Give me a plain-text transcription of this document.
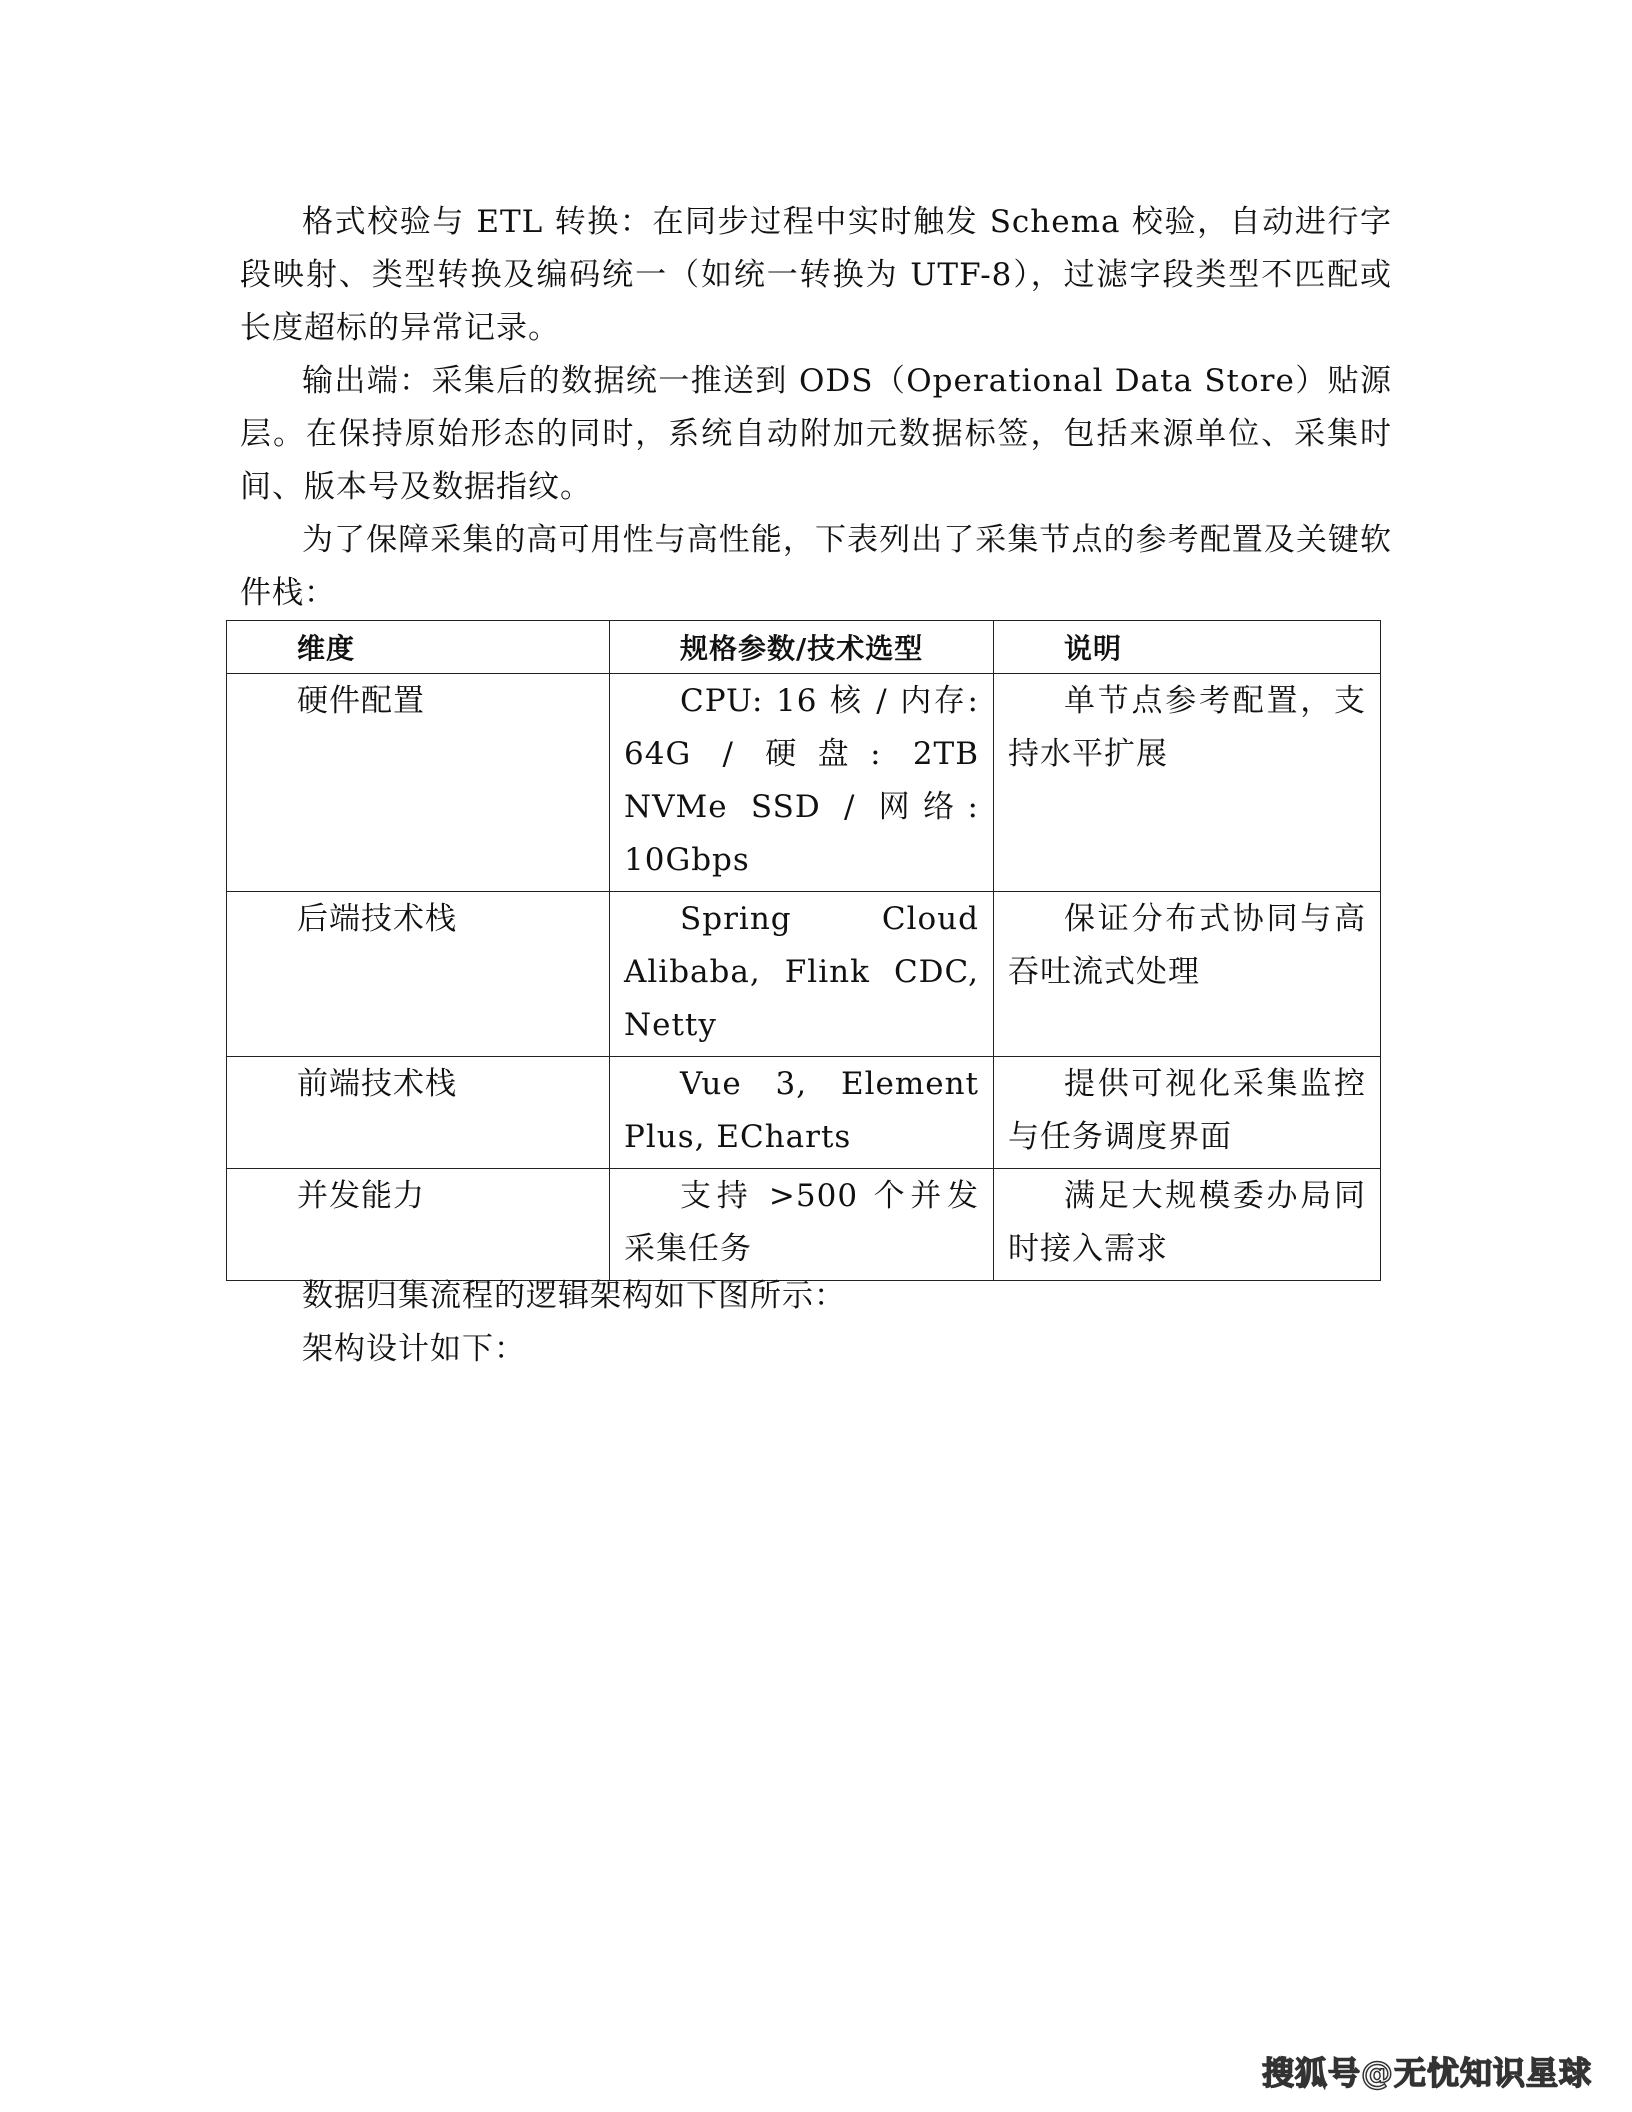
格式校验与 ETL 转换：在同步过程中实时触发 Schema 校验，自动进行字段映射、类型转换及编码统一（如统一转换为 UTF-8），过滤字段类型不匹配或长度超标的异常记录。

输出端：采集后的数据统一推送到 ODS（Operational Data Store）贴源层。在保持原始形态的同时，系统自动附加元数据标签，包括来源单位、采集时间、版本号及数据指纹。

为了保障采集的高可用性与高性能，下表列出了采集节点的参考配置及关键软件栈：

维度	规格参数/技术选型	说明

硬件配置	CPU: 16 核 / 内存: 64G / 硬盘: 2TB NVMe SSD / 网络: 10Gbps	单节点参考配置，支持水平扩展

后端技术栈	Spring Cloud Alibaba, Flink CDC, Netty	保证分布式协同与高吞吐流式处理

前端技术栈	Vue 3, Element Plus, ECharts	提供可视化采集监控与任务调度界面

并发能力	支持 >500 个并发采集任务	满足大规模委办局同时接入需求

数据归集流程的逻辑架构如下图所示：

架构设计如下：

搜狐号@无忧知识星球
